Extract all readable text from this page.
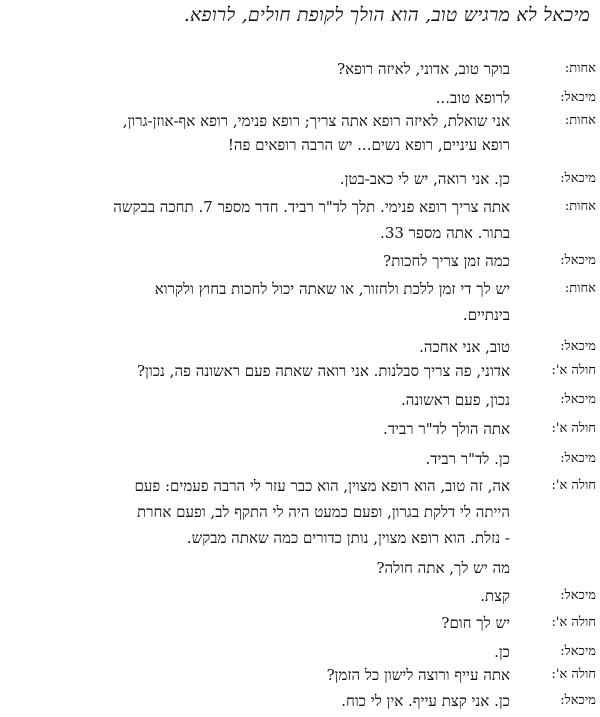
מיכאל לא מרגיש טוב, הוא הולך לקופת חולים, לרופא.
אחות:
בוקר טוב, אדוני, לאיזה רופא?
מיכאל:
לרופא טוב...
אחות:
אני שואלת, לאיזה רופא אתה צריך; רופא פנימי, רופא אף-אוזן-גרון,
רופא עיניים, רופא נשים... יש הרבה רופאים פה!
מיכאל:
כן. אני רואה, יש לי כאב-בטן.
אחות:
אתה צריך רופא פנימי. תלך לד"ר רביד. חדר מספר 7. תחכה בבקשה
בתור. אתה מספר 33.
מיכאל:
כמה זמן צריך לחכות?
אחות:
יש לך די זמן ללכת ולחזור, או שאתה יכול לחכות בחוץ ולקרוא
בינתיים.
מיכאל:
טוב, אני אחכה.
חולה א':
אדוני, פה צריך סבלנות. אני רואה שאתה פעם ראשונה פה, נכון?
מיכאל:
נכון, פעם ראשונה.
חולה א':
אתה הולך לד"ר רביד.
מיכאל:
כן. לד"ר רביד.
חולה א':
אה, זה טוב, הוא רופא מצוין, הוא כבר עזר לי הרבה פעמים: פעם
הייתה לי דלקת בגרון, ופעם כמעט היה לי התקף לב, ופעם אחרת
- נזלת. הוא רופא מצוין, נותן כדורים כמה שאתה מבקש.
מה יש לך, אתה חולה?
מיכאל:
קצת.
חולה א':
יש לך חום?
מיכאל:
כן.
חולה א':
אתה עייף ורוצה לישון כל הזמן?
מיכאל:
כן. אני קצת עייף. אין לי כוח.
